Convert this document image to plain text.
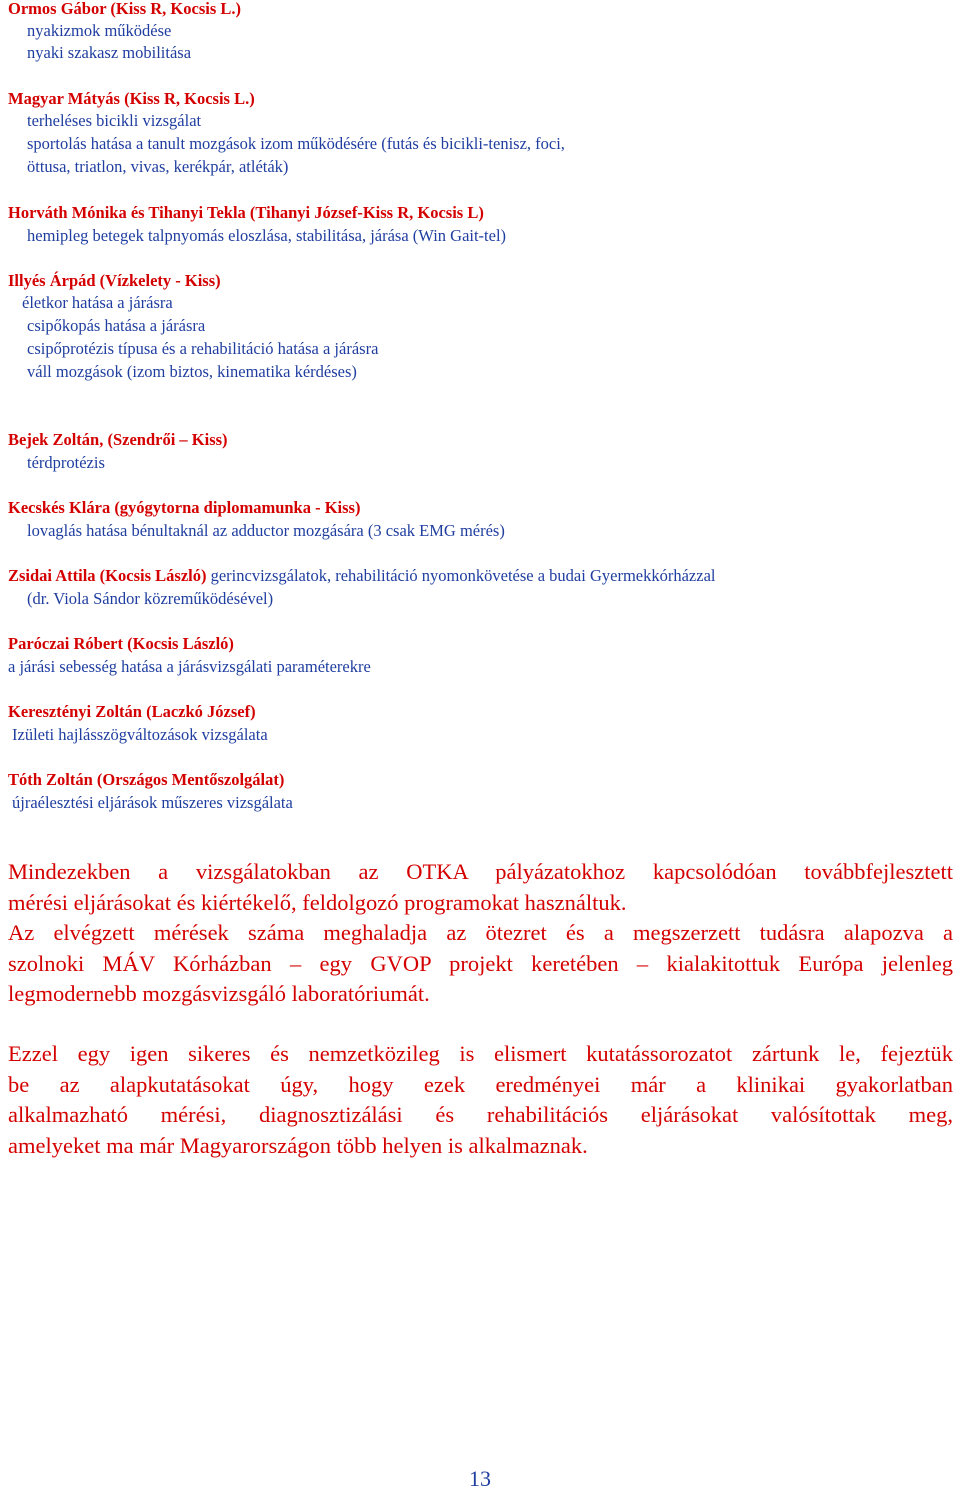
Ormos Gábor (Kiss R, Kocsis L.)

nyakizmok működése

nyaki szakasz mobilitása

Magyar Mátyás (Kiss R, Kocsis L.)

terheléses bicikli vizsgálat

sportolás hatása a tanult mozgások izom működésére (futás és bicikli-tenisz, foci,

öttusa, triatlon, vivas, kerékpár, atléták)

Horváth Mónika és Tihanyi Tekla (Tihanyi József-Kiss R, Kocsis L)

hemipleg betegek talpnyomás eloszlása, stabilitása, járása (Win Gait-tel)

Illyés Árpád (Vízkelety - Kiss)

életkor hatása a járásra

csipőkopás hatása a járásra

csipőprotézis típusa és a rehabilitáció hatása a járásra

váll mozgások (izom biztos, kinematika kérdéses)

Bejek Zoltán, (Szendrői – Kiss)

térdprotézis

Kecskés Klára (gyógytorna diplomamunka - Kiss)

lovaglás hatása bénultaknál az adductor mozgására (3 csak EMG mérés)

Zsidai Attila (Kocsis László) gerincvizsgálatok, rehabilitáció nyomonkövetése a budai Gyermekkórházzal

(dr. Viola Sándor közreműködésével)

Paróczai Róbert (Kocsis László)

a járási sebesség hatása a járásvizsgálati paraméterekre

Keresztényi Zoltán (Laczkó József)

Izületi hajlásszögváltozások vizsgálata

Tóth Zoltán (Országos Mentőszolgálat)

újraélesztési eljárások műszeres vizsgálata

Mindezekben a vizsgálatokban az OTKA pályázatokhoz kapcsolódóan továbbfejlesztett
mérési eljárásokat és kiértékelő, feldolgozó programokat használtuk.
Az elvégzett mérések száma meghaladja az ötezret és a megszerzett tudásra alapozva a
szolnoki MÁV Kórházban – egy GVOP projekt keretében – kialakitottuk Európa jelenleg
legmodernebb mozgásvizsgáló laboratóriumát.
Ezzel egy igen sikeres és nemzetközileg is elismert kutatássorozatot zártunk le, fejeztük
be az alapkutatásokat úgy, hogy ezek eredményei már a klinikai gyakorlatban
alkalmazható mérési, diagnosztizálási és rehabilitációs eljárásokat valósítottak meg,
amelyeket ma már Magyarországon több helyen is alkalmaznak.

13
